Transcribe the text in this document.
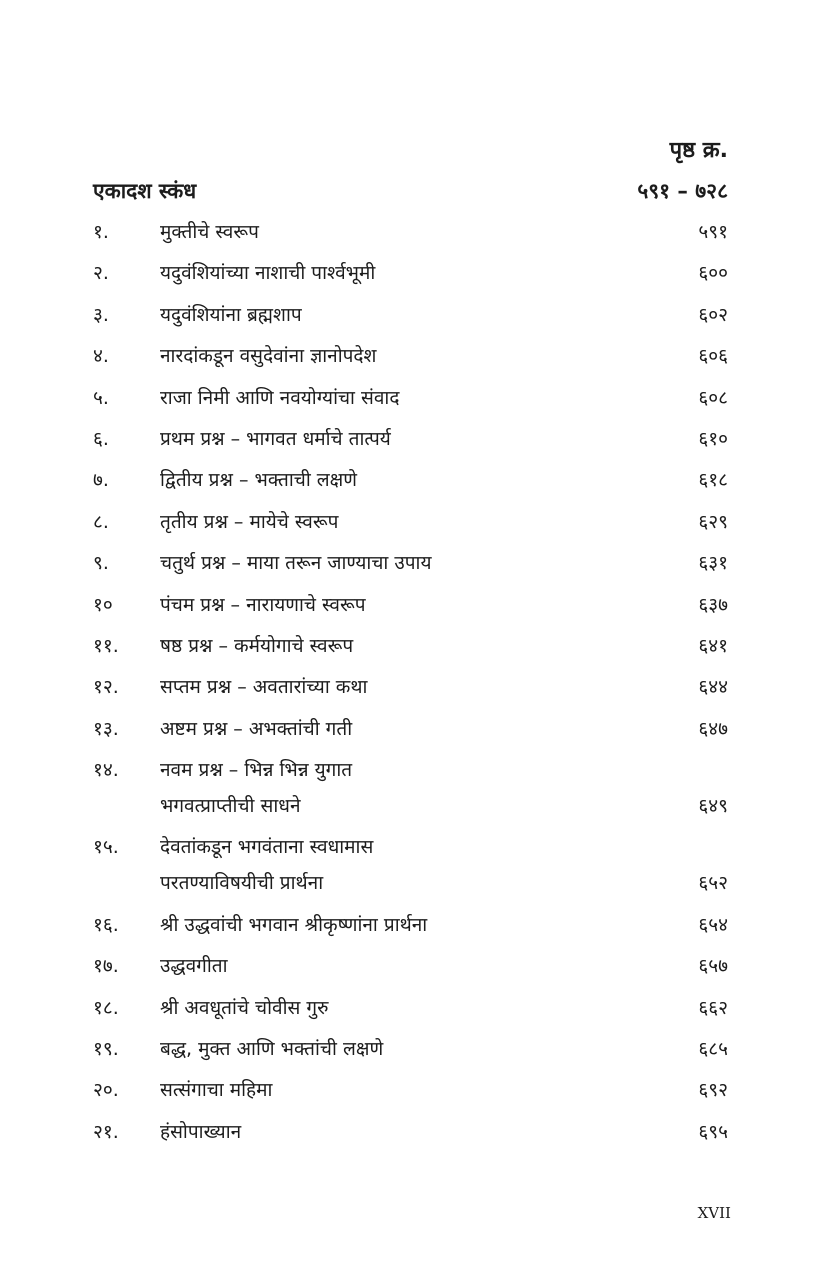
पृष्ठ क्र.
एकादश स्कंध	५९१ – ७२८
१.	मुक्तीचे स्वरूप	५९१
२.	यदुवंशियांच्या नाशाची पार्श्वभूमी	६००
३.	यदुवंशियांना ब्रह्मशाप	६०२
४.	नारदांकडून वसुदेवांना ज्ञानोपदेश	६०६
५.	राजा निमी आणि नवयोग्यांचा संवाद	६०८
६.	प्रथम प्रश्न – भागवत धर्माचे तात्पर्य	६१०
७.	द्वितीय प्रश्न – भक्ताची लक्षणे	६१८
८.	तृतीय प्रश्न – मायेचे स्वरूप	६२९
९.	चतुर्थ प्रश्न – माया तरून जाण्याचा उपाय	६३१
१०	पंचम प्रश्न – नारायणाचे स्वरूप	६३७
११.	षष्ठ प्रश्न – कर्मयोगाचे स्वरूप	६४१
१२.	सप्तम प्रश्न – अवतारांच्या कथा	६४४
१३.	अष्टम प्रश्न – अभक्तांची गती	६४७
१४.	नवम प्रश्न – भिन्न भिन्न युगात
भगवत्प्राप्तीची साधने	६४९
१५.	देवतांकडून भगवंताना स्वधामास
परतण्याविषयीची प्रार्थना	६५२
१६.	श्री उद्धवांची भगवान श्रीकृष्णांना प्रार्थना	६५४
१७.	उद्धवगीता	६५७
१८.	श्री अवधूतांचे चोवीस गुरु	६६२
१९.	बद्ध, मुक्त आणि भक्तांची लक्षणे	६८५
२०.	सत्संगाचा महिमा	६९२
२१.	हंसोपाख्यान	६९५
XVII
